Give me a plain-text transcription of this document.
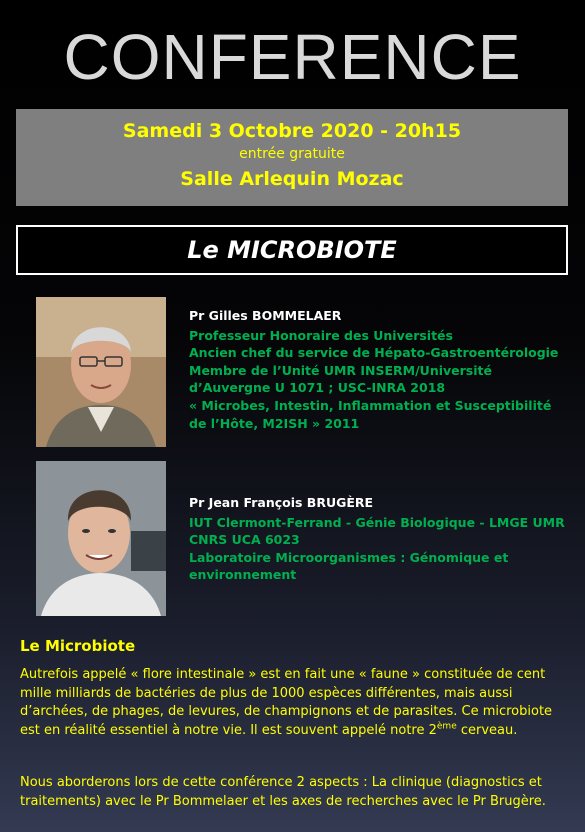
CONFERENCE
Samedi 3 Octobre 2020 - 20h15
entrée gratuite
Salle Arlequin Mozac
Le MICROBIOTE
Pr Gilles BOMMELAER
Professeur Honoraire des Universités
Ancien chef du service de Hépato-Gastroentérologie
Membre de l’Unité UMR INSERM/Université d’Auvergne U 1071 ; USC-INRA 2018
« Microbes, Intestin, Inflammation et Susceptibilité de l’Hôte, M2ISH » 2011
Pr Jean François BRUGÈRE
IUT Clermont-Ferrand - Génie Biologique - LMGE UMR CNRS UCA 6023
Laboratoire Microorganismes : Génomique et environnement
Le Microbiote
Autrefois appelé « flore intestinale » est en fait une « faune » constituée de cent mille milliards de bactéries de plus de 1000 espèces différentes, mais aussi d’archées, de phages, de levures, de champignons et de parasites. Ce microbiote est en réalité essentiel à notre vie. Il est souvent appelé notre 2ème cerveau.
Nous aborderons lors de cette conférence 2 aspects : La clinique (diagnostics et traitements) avec le Pr Bommelaer et les axes de recherches avec le Pr Brugère.
